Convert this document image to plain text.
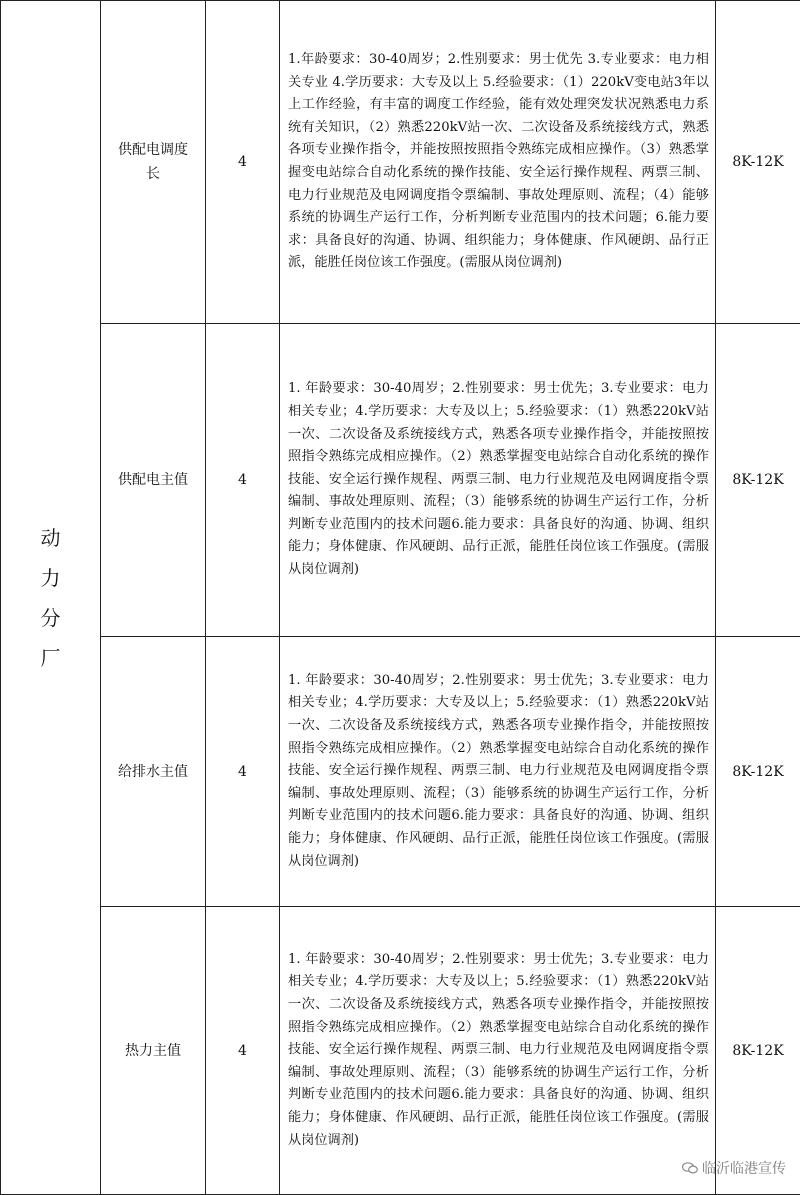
动力分厂	供配电调度长	4	1.年龄要求：30-40周岁；2.性别要求：男士优先 3.专业要求：电力相关专业 4.学历要求：大专及以上 5.经验要求：（1）220kV变电站3年以上工作经验，有丰富的调度工作经验，能有效处理突发状况熟悉电力系统有关知识，（2）熟悉220kV站一次、二次设备及系统接线方式，熟悉各项专业操作指令，并能按照按照指令熟练完成相应操作。（3）熟悉掌握变电站综合自动化系统的操作技能、安全运行操作规程、两票三制、电力行业规范及电网调度指令票编制、事故处理原则、流程；（4）能够系统的协调生产运行工作，分析判断专业范围内的技术问题；6.能力要求：具备良好的沟通、协调、组织能力；身体健康、作风硬朗、品行正派，能胜任岗位该工作强度。(需服从岗位调剂)	8K-12K
	供配电主值	4	1. 年龄要求：30-40周岁；2.性别要求：男士优先；3.专业要求：电力相关专业；4.学历要求：大专及以上；5.经验要求：（1）熟悉220kV站一次、二次设备及系统接线方式，熟悉各项专业操作指令，并能按照按照指令熟练完成相应操作。（2）熟悉掌握变电站综合自动化系统的操作技能、安全运行操作规程、两票三制、电力行业规范及电网调度指令票编制、事故处理原则、流程；（3）能够系统的协调生产运行工作，分析判断专业范围内的技术问题6.能力要求：具备良好的沟通、协调、组织能力；身体健康、作风硬朗、品行正派，能胜任岗位该工作强度。(需服从岗位调剂)	8K-12K
	给排水主值	4	1. 年龄要求：30-40周岁；2.性别要求：男士优先；3.专业要求：电力相关专业；4.学历要求：大专及以上；5.经验要求：（1）熟悉220kV站一次、二次设备及系统接线方式，熟悉各项专业操作指令，并能按照按照指令熟练完成相应操作。（2）熟悉掌握变电站综合自动化系统的操作技能、安全运行操作规程、两票三制、电力行业规范及电网调度指令票编制、事故处理原则、流程；（3）能够系统的协调生产运行工作，分析判断专业范围内的技术问题6.能力要求：具备良好的沟通、协调、组织能力；身体健康、作风硬朗、品行正派，能胜任岗位该工作强度。(需服从岗位调剂)	8K-12K
	热力主值	4	1. 年龄要求：30-40周岁；2.性别要求：男士优先；3.专业要求：电力相关专业；4.学历要求：大专及以上；5.经验要求：（1）熟悉220kV站一次、二次设备及系统接线方式，熟悉各项专业操作指令，并能按照按照指令熟练完成相应操作。（2）熟悉掌握变电站综合自动化系统的操作技能、安全运行操作规程、两票三制、电力行业规范及电网调度指令票编制、事故处理原则、流程；（3）能够系统的协调生产运行工作，分析判断专业范围内的技术问题6.能力要求：具备良好的沟通、协调、组织能力；身体健康、作风硬朗、品行正派，能胜任岗位该工作强度。(需服从岗位调剂)	8K-12K
临沂临港宣传
